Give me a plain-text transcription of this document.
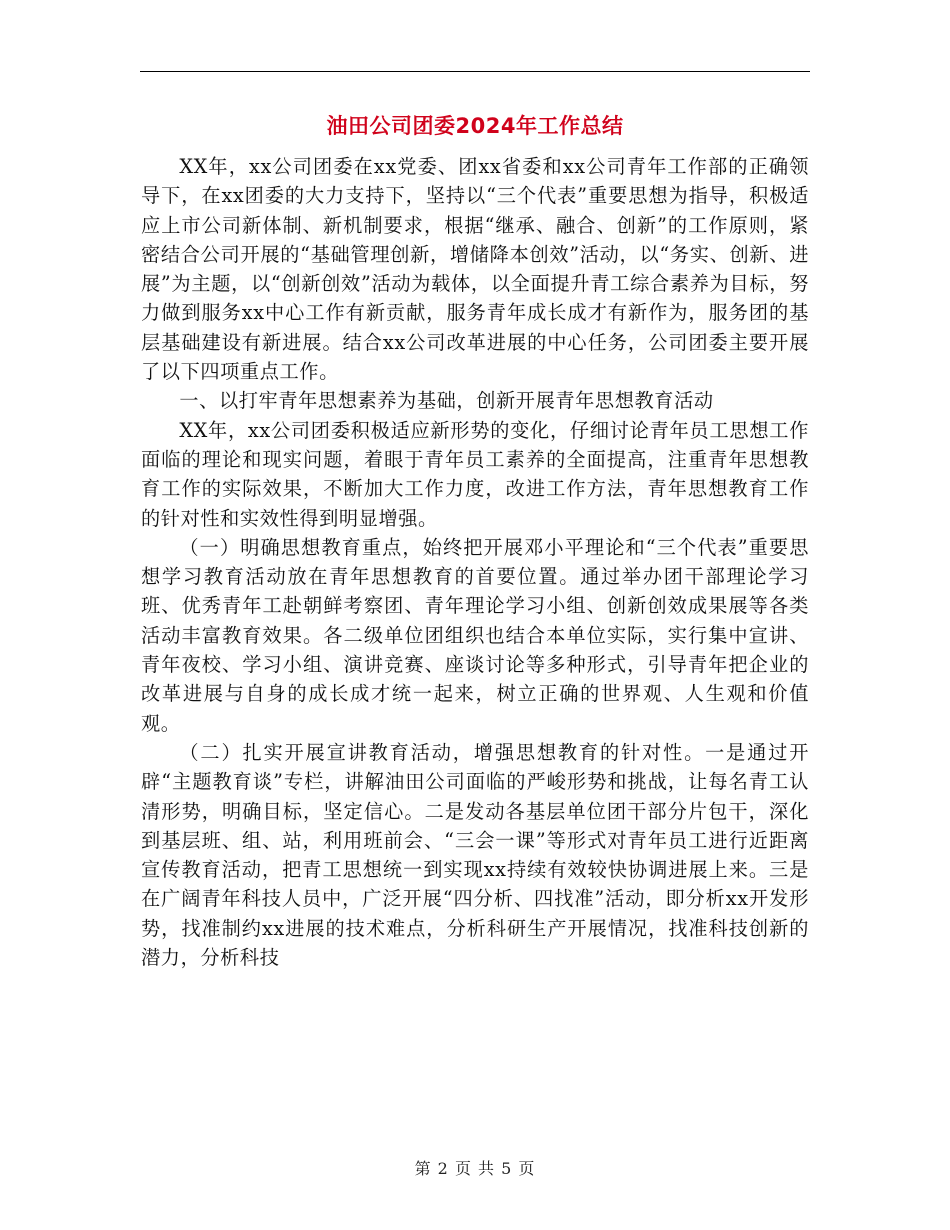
油田公司团委2024年工作总结

XX年，xx公司团委在xx党委、团xx省委和xx公司青年工作部的正确领导下，在xx团委的大力支持下，坚持以“三个代表”重要思想为指导，积极适应上市公司新体制、新机制要求，根据“继承、融合、创新”的工作原则，紧密结合公司开展的“基础管理创新，增储降本创效”活动，以“务实、创新、进展”为主题，以“创新创效”活动为载体，以全面提升青工综合素养为目标，努力做到服务xx中心工作有新贡献，服务青年成长成才有新作为，服务团的基层基础建设有新进展。结合xx公司改革进展的中心任务，公司团委主要开展了以下四项重点工作。

一、以打牢青年思想素养为基础，创新开展青年思想教育活动

XX年，xx公司团委积极适应新形势的变化，仔细讨论青年员工思想工作面临的理论和现实问题，着眼于青年员工素养的全面提高，注重青年思想教育工作的实际效果，不断加大工作力度，改进工作方法，青年思想教育工作的针对性和实效性得到明显增强。

（一）明确思想教育重点，始终把开展邓小平理论和“三个代表”重要思想学习教育活动放在青年思想教育的首要位置。通过举办团干部理论学习班、优秀青年工赴朝鲜考察团、青年理论学习小组、创新创效成果展等各类活动丰富教育效果。各二级单位团组织也结合本单位实际，实行集中宣讲、青年夜校、学习小组、演讲竞赛、座谈讨论等多种形式，引导青年把企业的改革进展与自身的成长成才统一起来，树立正确的世界观、人生观和价值观。

（二）扎实开展宣讲教育活动，增强思想教育的针对性。一是通过开辟“主题教育谈”专栏，讲解油田公司面临的严峻形势和挑战，让每名青工认清形势，明确目标，坚定信心。二是发动各基层单位团干部分片包干，深化到基层班、组、站，利用班前会、“三会一课”等形式对青年员工进行近距离宣传教育活动，把青工思想统一到实现xx持续有效较快协调进展上来。三是在广阔青年科技人员中，广泛开展“四分析、四找准”活动，即分析xx开发形势，找准制约xx进展的技术难点，分析科研生产开展情况，找准科技创新的潜力，分析科技

第 2 页 共 5 页
